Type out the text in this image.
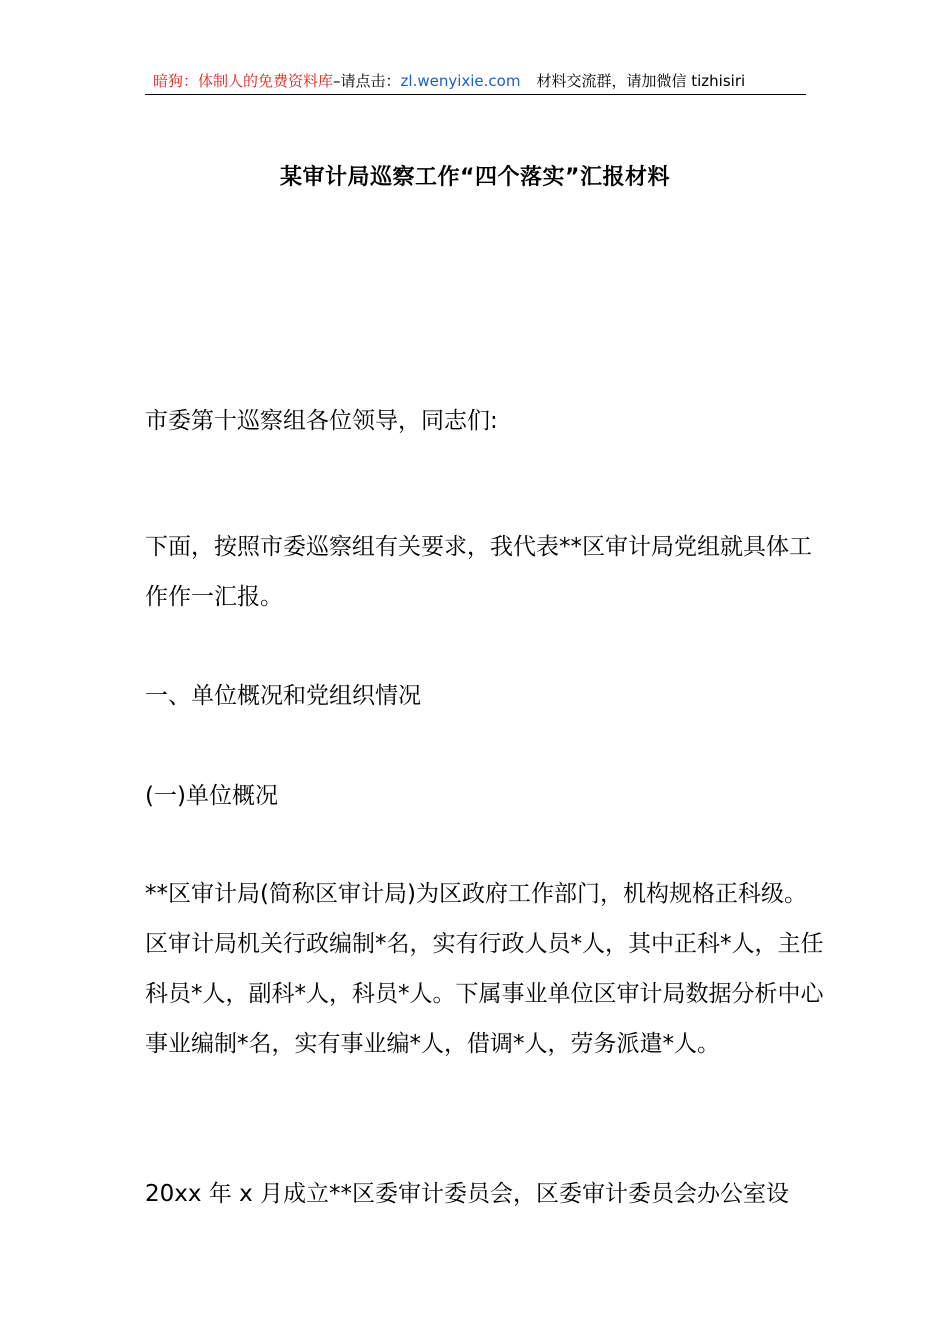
暗狗：体制人的免费资料库–请点击：zl.wenyixie.com 材料交流群，请加微信 tizhisiri
某审计局巡察工作“四个落实”汇报材料

市委第十巡察组各位领导，同志们:

下面，按照市委巡察组有关要求，我代表**区审计局党组就具体工作作一汇报。

一、单位概况和党组织情况

(一)单位概况

**区审计局(简称区审计局)为区政府工作部门，机构规格正科级。区审计局机关行政编制*名，实有行政人员*人，其中正科*人，主任科员*人，副科*人，科员*人。下属事业单位区审计局数据分析中心事业编制*名，实有事业编*人，借调*人，劳务派遣*人。

20xx 年 x 月成立**区委审计委员会，区委审计委员会办公室设
